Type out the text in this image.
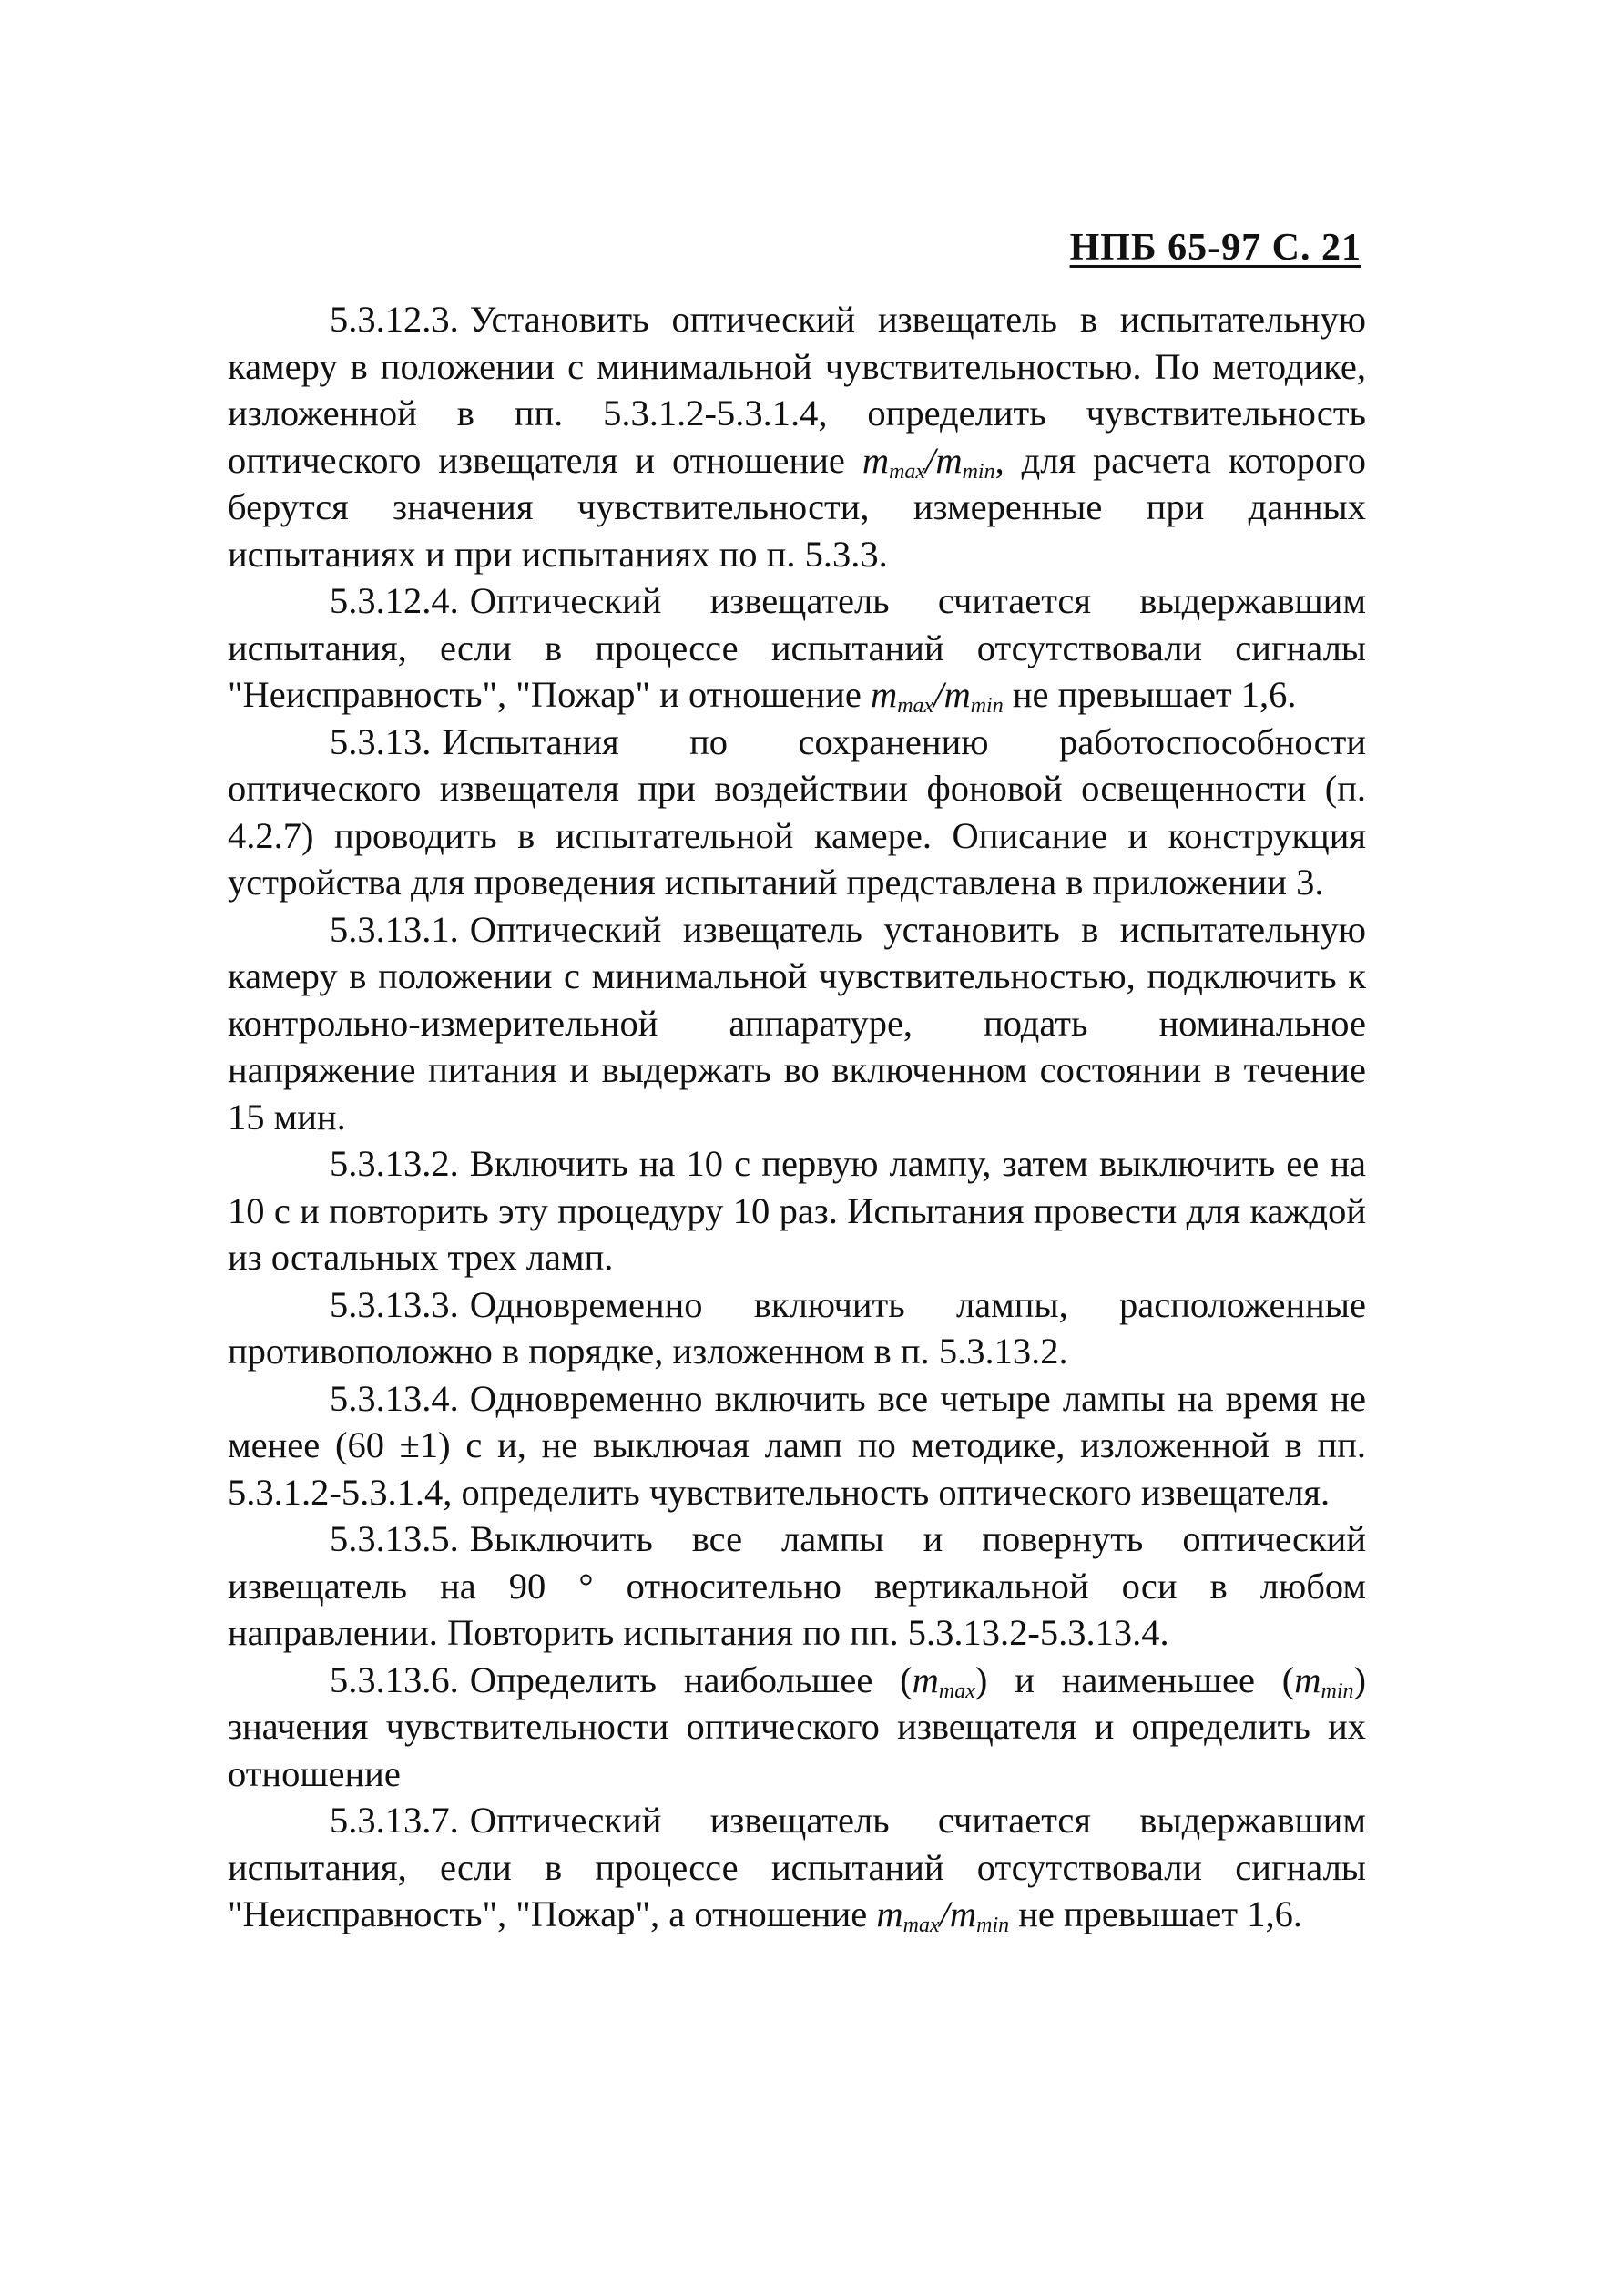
НПБ 65-97 С. 21

5.3.12.3. Установить оптический извещатель в испытательную камеру в положении с минимальной чувствительностью. По методике, изложенной в пп. 5.3.1.2-5.3.1.4, определить чувствительность оптического извещателя и отношение $m_{max}/m_{min}$, для расчета которого берутся значения чувствительности, измеренные при данных испытаниях и при испытаниях по п. 5.3.3.

5.3.12.4. Оптический извещатель считается выдержавшим испытания, если в процессе испытаний отсутствовали сигналы "Неисправность", "Пожар" и отношение $m_{max}/m_{min}$ не превышает 1,6.

5.3.13. Испытания по сохранению работоспособности оптического извещателя при воздействии фоновой освещенности (п. 4.2.7) проводить в испытательной камере. Описание и конструкция устройства для проведения испытаний представлена в приложении 3.

5.3.13.1. Оптический извещатель установить в испытательную камеру в положении с минимальной чувствительностью, подключить к контрольно-измерительной аппаратуре, подать номинальное напряжение питания и выдержать во включенном состоянии в течение 15 мин.

5.3.13.2. Включить на 10 с первую лампу, затем выключить ее на 10 с и повторить эту процедуру 10 раз. Испытания провести для каждой из остальных трех ламп.

5.3.13.3. Одновременно включить лампы, расположенные противоположно в порядке, изложенном в п. 5.3.13.2.

5.3.13.4. Одновременно включить все четыре лампы на время не менее (60 ±1) с и, не выключая ламп по методике, изложенной в пп. 5.3.1.2-5.3.1.4, определить чувствительность оптического извещателя.

5.3.13.5. Выключить все лампы и повернуть оптический извещатель на 90 ° относительно вертикальной оси в любом направлении. Повторить испытания по пп. 5.3.13.2-5.3.13.4.

5.3.13.6. Определить наибольшее $(m_{max})$ и наименьшее $(m_{min})$ значения чувствительности оптического извещателя и определить их отношение

5.3.13.7. Оптический извещатель считается выдержавшим испытания, если в процессе испытаний отсутствовали сигналы "Неисправность", "Пожар", а отношение $m_{max}/m_{min}$ не превышает 1,6.
